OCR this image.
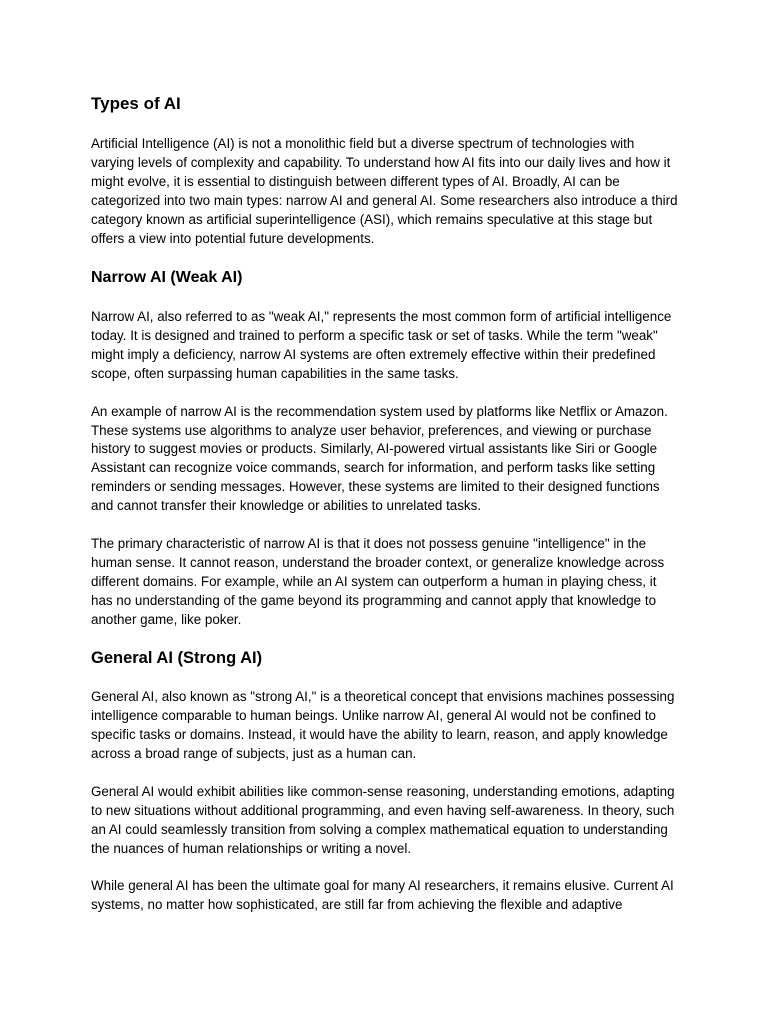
Types of AI

Artificial Intelligence (AI) is not a monolithic field but a diverse spectrum of technologies with varying levels of complexity and capability. To understand how AI fits into our daily lives and how it might evolve, it is essential to distinguish between different types of AI. Broadly, AI can be categorized into two main types: narrow AI and general AI. Some researchers also introduce a third category known as artificial superintelligence (ASI), which remains speculative at this stage but offers a view into potential future developments.

Narrow AI (Weak AI)

Narrow AI, also referred to as "weak AI," represents the most common form of artificial intelligence today. It is designed and trained to perform a specific task or set of tasks. While the term "weak" might imply a deficiency, narrow AI systems are often extremely effective within their predefined scope, often surpassing human capabilities in the same tasks.

An example of narrow AI is the recommendation system used by platforms like Netflix or Amazon. These systems use algorithms to analyze user behavior, preferences, and viewing or purchase history to suggest movies or products. Similarly, AI-powered virtual assistants like Siri or Google Assistant can recognize voice commands, search for information, and perform tasks like setting reminders or sending messages. However, these systems are limited to their designed functions and cannot transfer their knowledge or abilities to unrelated tasks.

The primary characteristic of narrow AI is that it does not possess genuine "intelligence" in the human sense. It cannot reason, understand the broader context, or generalize knowledge across different domains. For example, while an AI system can outperform a human in playing chess, it has no understanding of the game beyond its programming and cannot apply that knowledge to another game, like poker.

General AI (Strong AI)

General AI, also known as "strong AI," is a theoretical concept that envisions machines possessing intelligence comparable to human beings. Unlike narrow AI, general AI would not be confined to specific tasks or domains. Instead, it would have the ability to learn, reason, and apply knowledge across a broad range of subjects, just as a human can.

General AI would exhibit abilities like common-sense reasoning, understanding emotions, adapting to new situations without additional programming, and even having self-awareness. In theory, such an AI could seamlessly transition from solving a complex mathematical equation to understanding the nuances of human relationships or writing a novel.

While general AI has been the ultimate goal for many AI researchers, it remains elusive. Current AI systems, no matter how sophisticated, are still far from achieving the flexible and adaptive
